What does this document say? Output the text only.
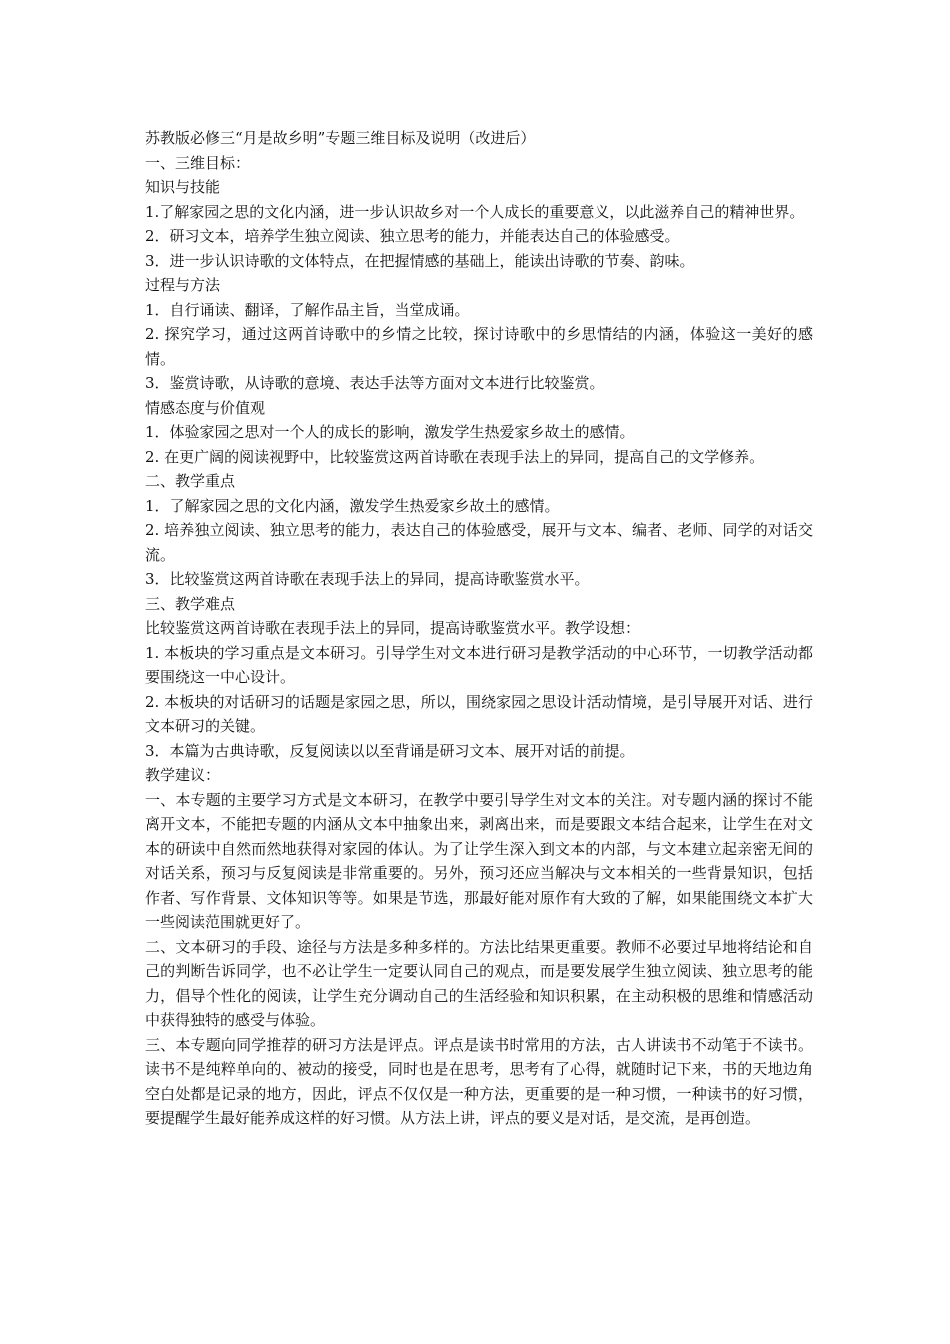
苏教版必修三“月是故乡明”专题三维目标及说明（改进后）

一、三维目标：

知识与技能

1.了解家园之思的文化内涵，进一步认识故乡对一个人成长的重要意义，以此滋养自己的精神世界。

2．研习文本，培养学生独立阅读、独立思考的能力，并能表达自己的体验感受。

3．进一步认识诗歌的文体特点，在把握情感的基础上，能读出诗歌的节奏、韵味。

过程与方法

1．自行诵读、翻译，了解作品主旨，当堂成诵。

2. 探究学习，通过这两首诗歌中的乡情之比较，探讨诗歌中的乡思情结的内涵，体验这一美好的感情。

3．鉴赏诗歌，从诗歌的意境、表达手法等方面对文本进行比较鉴赏。

情感态度与价值观

1．体验家园之思对一个人的成长的影响，激发学生热爱家乡故土的感情。

2. 在更广阔的阅读视野中，比较鉴赏这两首诗歌在表现手法上的异同，提高自己的文学修养。

二、教学重点

1．了解家园之思的文化内涵，激发学生热爱家乡故土的感情。

2. 培养独立阅读、独立思考的能力，表达自己的体验感受，展开与文本、编者、老师、同学的对话交流。

3．比较鉴赏这两首诗歌在表现手法上的异同，提高诗歌鉴赏水平。

三、教学难点

比较鉴赏这两首诗歌在表现手法上的异同，提高诗歌鉴赏水平。教学设想：

1. 本板块的学习重点是文本研习。引导学生对文本进行研习是教学活动的中心环节，一切教学活动都要围绕这一中心设计。

2. 本板块的对话研习的话题是家园之思，所以，围绕家园之思设计活动情境，是引导展开对话、进行文本研习的关键。

3．本篇为古典诗歌，反复阅读以以至背诵是研习文本、展开对话的前提。

教学建议：

一、本专题的主要学习方式是文本研习，在教学中要引导学生对文本的关注。对专题内涵的探讨不能离开文本，不能把专题的内涵从文本中抽象出来，剥离出来，而是要跟文本结合起来，让学生在对文本的研读中自然而然地获得对家园的体认。为了让学生深入到文本的内部，与文本建立起亲密无间的对话关系，预习与反复阅读是非常重要的。另外，预习还应当解决与文本相关的一些背景知识，包括作者、写作背景、文体知识等等。如果是节选，那最好能对原作有大致的了解，如果能围绕文本扩大一些阅读范围就更好了。

二、文本研习的手段、途径与方法是多种多样的。方法比结果更重要。教师不必要过早地将结论和自己的判断告诉同学，也不必让学生一定要认同自己的观点，而是要发展学生独立阅读、独立思考的能力，倡导个性化的阅读，让学生充分调动自己的生活经验和知识积累，在主动积极的思维和情感活动中获得独特的感受与体验。

三、本专题向同学推荐的研习方法是评点。评点是读书时常用的方法，古人讲读书不动笔于不读书。读书不是纯粹单向的、被动的接受，同时也是在思考，思考有了心得，就随时记下来，书的天地边角空白处都是记录的地方，因此，评点不仅仅是一种方法，更重要的是一种习惯，一种读书的好习惯，要提醒学生最好能养成这样的好习惯。从方法上讲，评点的要义是对话，是交流，是再创造。
